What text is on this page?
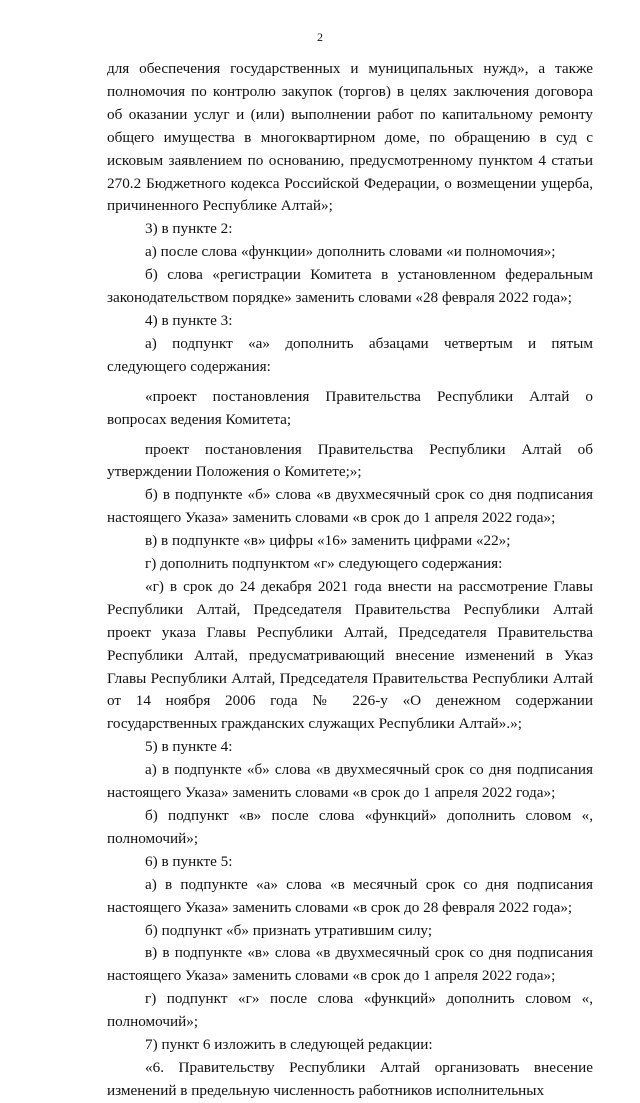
2

для обеспечения государственных и муниципальных нужд», а также полномочия по контролю закупок (торгов) в целях заключения договора об оказании услуг и (или) выполнении работ по капитальному ремонту общего имущества в многоквартирном доме, по обращению в суд с исковым заявлением по основанию, предусмотренному пунктом 4 статьи 270.2 Бюджетного кодекса Российской Федерации, о возмещении ущерба, причиненного Республике Алтай»;

3) в пункте 2:

а) после слова «функции» дополнить словами «и полномочия»;

б) слова «регистрации Комитета в установленном федеральным законодательством порядке» заменить словами «28 февраля 2022 года»;

4) в пункте 3:

а) подпункт «а» дополнить абзацами четвертым и пятым следующего содержания:

«проект постановления Правительства Республики Алтай о вопросах ведения Комитета;

проект постановления Правительства Республики Алтай об утверждении Положения о Комитете;»;

б) в подпункте «б» слова «в двухмесячный срок со дня подписания настоящего Указа» заменить словами «в срок до 1 апреля 2022 года»;

в) в подпункте «в» цифры «16» заменить цифрами «22»;

г) дополнить подпунктом «г» следующего содержания:

«г) в срок до 24 декабря 2021 года внести на рассмотрение Главы Республики Алтай, Председателя Правительства Республики Алтай проект указа Главы Республики Алтай, Председателя Правительства Республики Алтай, предусматривающий внесение изменений в Указ Главы Республики Алтай, Председателя Правительства Республики Алтай от 14 ноября 2006 года № 226-у «О денежном содержании государственных гражданских служащих Республики Алтай».»;

5) в пункте 4:

а) в подпункте «б» слова «в двухмесячный срок со дня подписания настоящего Указа» заменить словами «в срок до 1 апреля 2022 года»;

б) подпункт «в» после слова «функций» дополнить словом «, полномочий»;

6) в пункте 5:

а) в подпункте «а» слова «в месячный срок со дня подписания настоящего Указа» заменить словами «в срок до 28 февраля 2022 года»;

б) подпункт «б» признать утратившим силу;

в) в подпункте «в» слова «в двухмесячный срок со дня подписания настоящего Указа» заменить словами «в срок до 1 апреля 2022 года»;

г) подпункт «г» после слова «функций» дополнить словом «, полномочий»;

7) пункт 6 изложить в следующей редакции:

«6. Правительству Республики Алтай организовать внесение изменений в предельную численность работников исполнительных
